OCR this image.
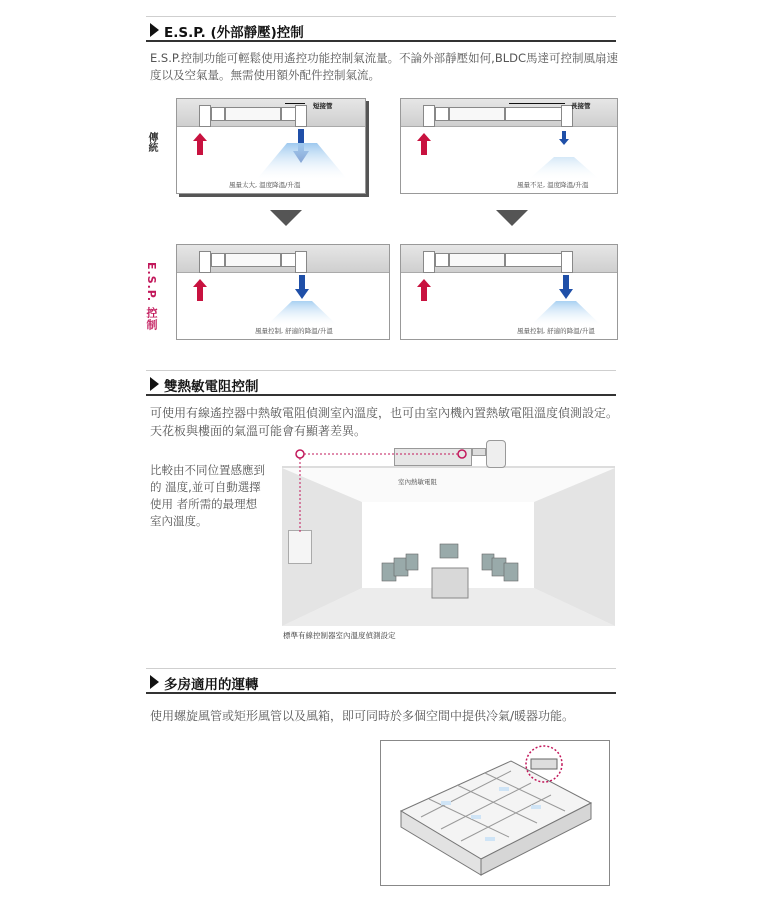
E.S.P. (外部靜壓)控制
E.S.P.控制功能可輕鬆使用遙控功能控制氣流量。不論外部靜壓如何,BLDC馬達可控制風扇速度以及空氣量。無需使用額外配件控制氣流。
傳統
E.S.P. 控制
短接管
風量太大, 溫度降溫/升溫
長接管
風量不足, 溫度降溫/升溫
風量控制, 舒適的降溫/升溫	風量控制, 舒適的降溫/升溫
雙熱敏電阻控制
可使用有線遙控器中熱敏電阻偵測室內溫度，也可由室內機內置熱敏電阻溫度偵測設定。天花板與樓面的氣溫可能會有顯著差異。
比較由不同位置感應到的 溫度,並可自動選擇使用 者所需的最理想室內溫度。
室內熱敏電阻
標準有線控制器室內溫度偵測設定
多房適用的運轉
使用螺旋風管或矩形風管以及風箱，即可同時於多個空間中提供冷氣/暖器功能。
